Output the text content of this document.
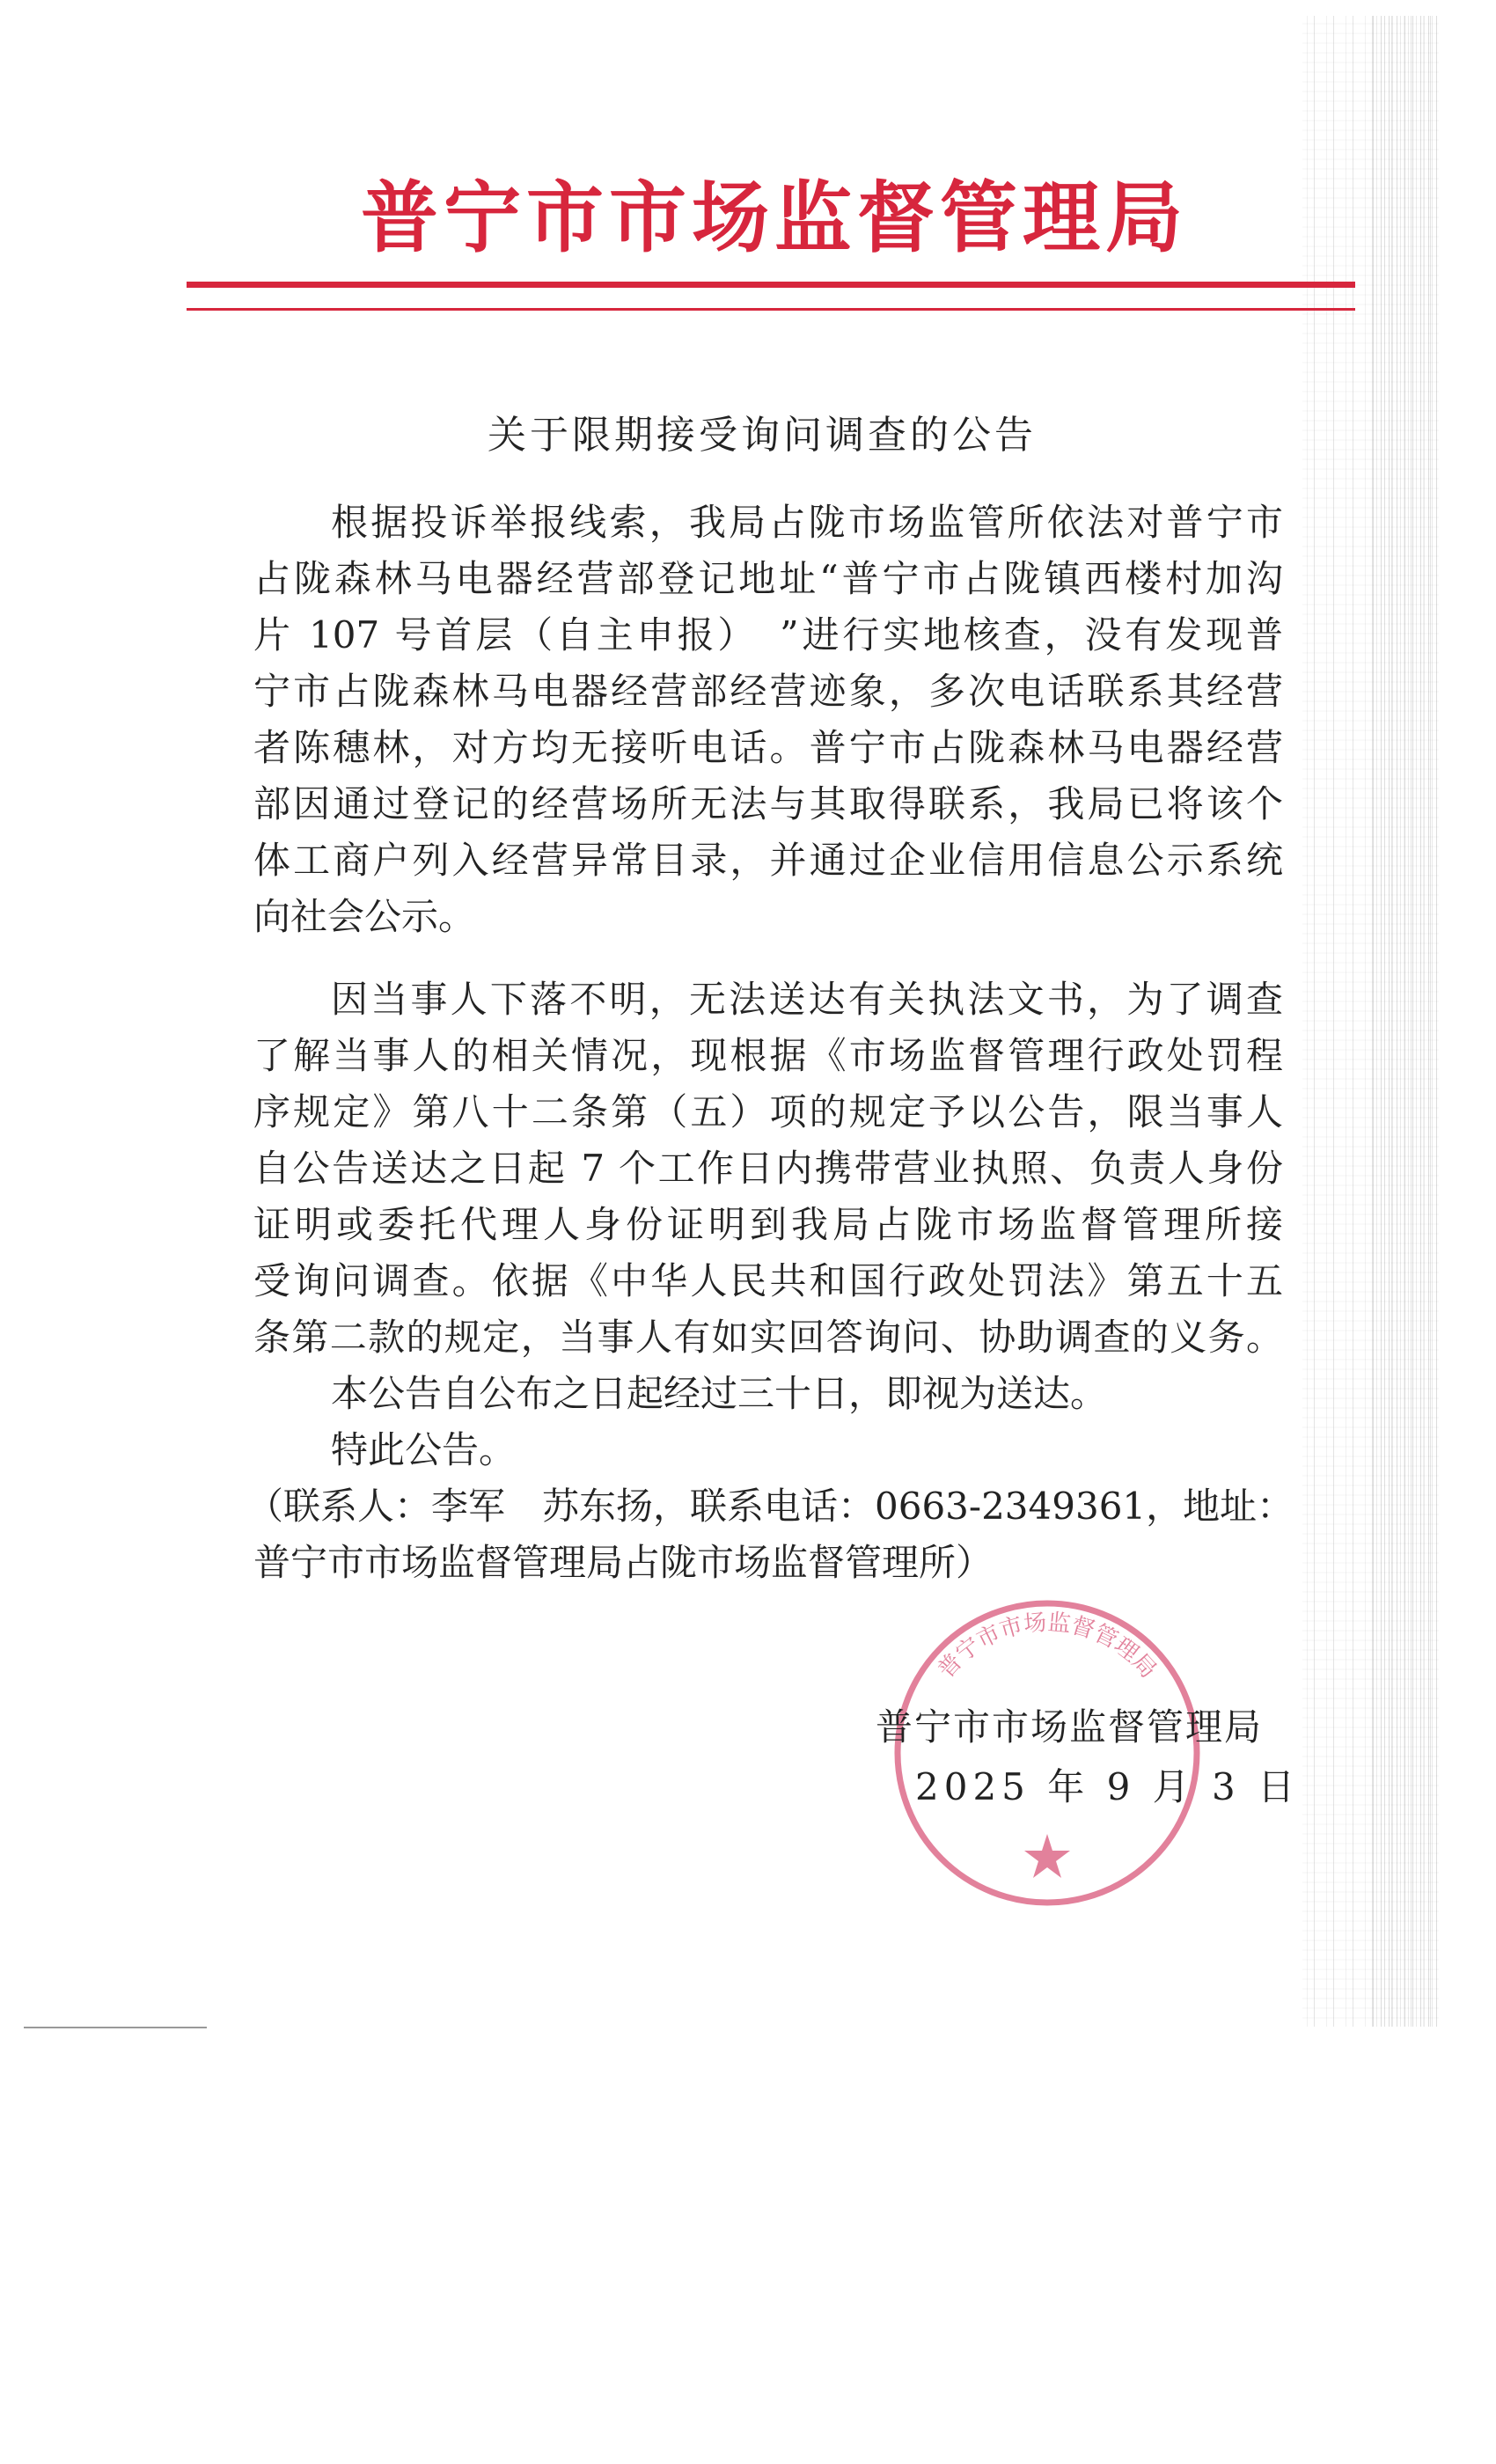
普宁市市场监督管理局
关于限期接受询问调查的公告
根据投诉举报线索，我局占陇市场监管所依法对普宁市
占陇森林马电器经营部登记地址“普宁市占陇镇西楼村加沟
片 107 号首层（自主申报）　”进行实地核查，没有发现普
宁市占陇森林马电器经营部经营迹象，多次电话联系其经营
者陈穗林，对方均无接听电话。普宁市占陇森林马电器经营
部因通过登记的经营场所无法与其取得联系，我局已将该个
体工商户列入经营异常目录，并通过企业信用信息公示系统
向社会公示。
因当事人下落不明，无法送达有关执法文书，为了调查
了解当事人的相关情况，现根据《市场监督管理行政处罚程
序规定》第八十二条第（五）项的规定予以公告，限当事人
自公告送达之日起 7 个工作日内携带营业执照、负责人身份
证明或委托代理人身份证明到我局占陇市场监督管理所接
受询问调查。依据《中华人民共和国行政处罚法》第五十五
条第二款的规定，当事人有如实回答询问、协助调查的义务。
本公告自公布之日起经过三十日，即视为送达。
特此公告。
（联系人：李军　苏东扬，联系电话：0663-2349361，地址：
普宁市市场监督管理局占陇市场监督管理所）
普宁市市场监督管理局
普宁市市场监督管理局
2025 年 9 月 3 日
